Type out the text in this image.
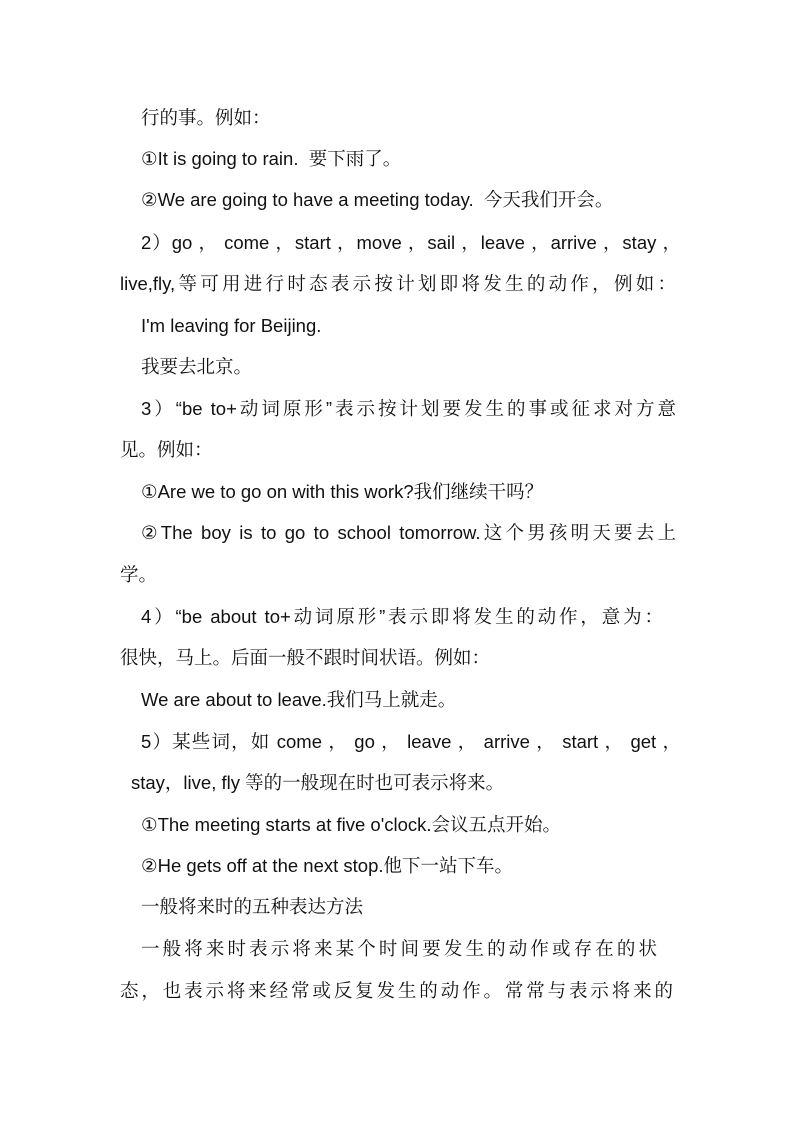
行的事。例如：
①It is going to rain.  要下雨了。
②We are going to have a meeting today.  今天我们开会。
2）go ， come ，start ，move ，sail ，leave ，arrive ，stay ，
live,fly,等可用进行时态表示按计划即将发生的动作，例如：
I'm leaving for Beijing.
我要去北京。
3）“be to+动词原形”表示按计划要发生的事或征求对方意
见。例如：
①Are we to go on with this work?我们继续干吗？
②The boy is to go to school tomorrow.这个男孩明天要去上
学。
4）“be about to+动词原形”表示即将发生的动作，意为：
很快，马上。后面一般不跟时间状语。例如：
We are about to leave.我们马上就走。
5）某些词，如 come ， go ， leave ， arrive ， start ， get ，
stay，live, fly 等的一般现在时也可表示将来。
①The meeting starts at five o'clock.会议五点开始。
②He gets off at the next stop.他下一站下车。
一般将来时的五种表达方法
一般将来时表示将来某个时间要发生的动作或存在的状
态，也表示将来经常或反复发生的动作。常常与表示将来的
